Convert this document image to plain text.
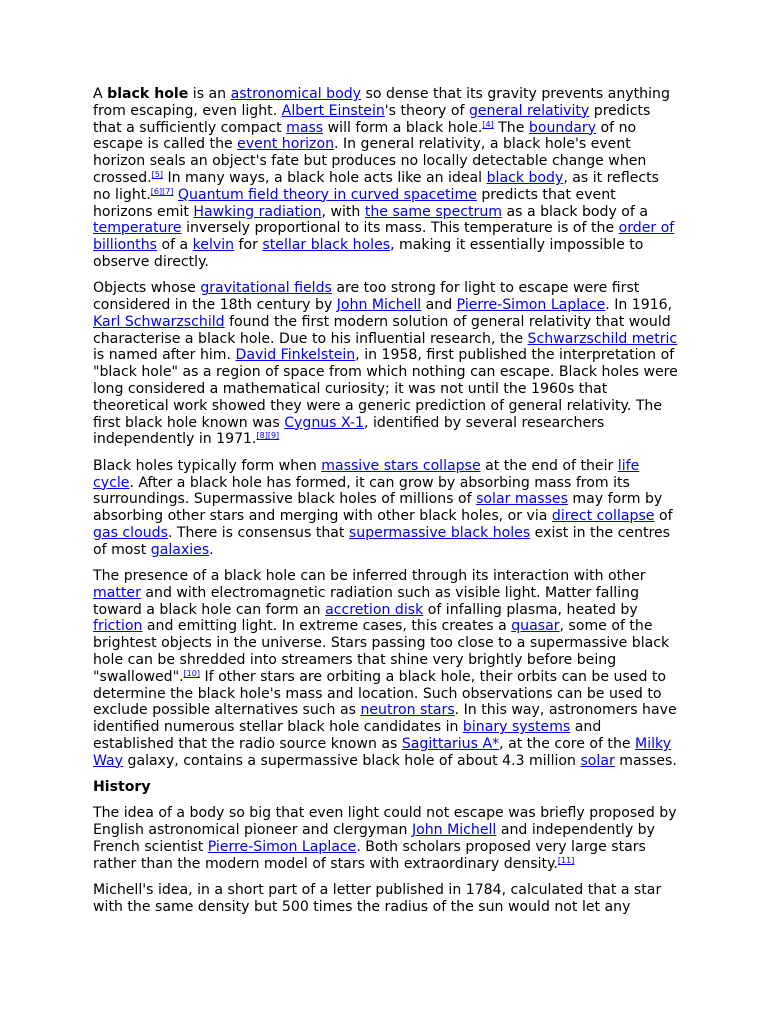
A black hole is an astronomical body so dense that its gravity prevents anything from escaping, even light. Albert Einstein's theory of general relativity predicts that a sufficiently compact mass will form a black hole.[4] The boundary of no escape is called the event horizon. In general relativity, a black hole's event horizon seals an object's fate but produces no locally detectable change when crossed.[5] In many ways, a black hole acts like an ideal black body, as it reflects no light.[6][7] Quantum field theory in curved spacetime predicts that event horizons emit Hawking radiation, with the same spectrum as a black body of a temperature inversely proportional to its mass. This temperature is of the order of billionths of a kelvin for stellar black holes, making it essentially impossible to observe directly.

Objects whose gravitational fields are too strong for light to escape were first considered in the 18th century by John Michell and Pierre-Simon Laplace. In 1916, Karl Schwarzschild found the first modern solution of general relativity that would characterise a black hole. Due to his influential research, the Schwarzschild metric is named after him. David Finkelstein, in 1958, first published the interpretation of "black hole" as a region of space from which nothing can escape. Black holes were long considered a mathematical curiosity; it was not until the 1960s that theoretical work showed they were a generic prediction of general relativity. The first black hole known was Cygnus X-1, identified by several researchers independently in 1971.[8][9]

Black holes typically form when massive stars collapse at the end of their life cycle. After a black hole has formed, it can grow by absorbing mass from its surroundings. Supermassive black holes of millions of solar masses may form by absorbing other stars and merging with other black holes, or via direct collapse of gas clouds. There is consensus that supermassive black holes exist in the centres of most galaxies.

The presence of a black hole can be inferred through its interaction with other matter and with electromagnetic radiation such as visible light. Matter falling toward a black hole can form an accretion disk of infalling plasma, heated by friction and emitting light. In extreme cases, this creates a quasar, some of the brightest objects in the universe. Stars passing too close to a supermassive black hole can be shredded into streamers that shine very brightly before being "swallowed".[10] If other stars are orbiting a black hole, their orbits can be used to determine the black hole's mass and location. Such observations can be used to exclude possible alternatives such as neutron stars. In this way, astronomers have identified numerous stellar black hole candidates in binary systems and established that the radio source known as Sagittarius A*, at the core of the Milky Way galaxy, contains a supermassive black hole of about 4.3 million solar masses.

History

The idea of a body so big that even light could not escape was briefly proposed by English astronomical pioneer and clergyman John Michell and independently by French scientist Pierre-Simon Laplace. Both scholars proposed very large stars rather than the modern model of stars with extraordinary density.[11]

Michell's idea, in a short part of a letter published in 1784, calculated that a star with the same density but 500 times the radius of the sun would not let any
